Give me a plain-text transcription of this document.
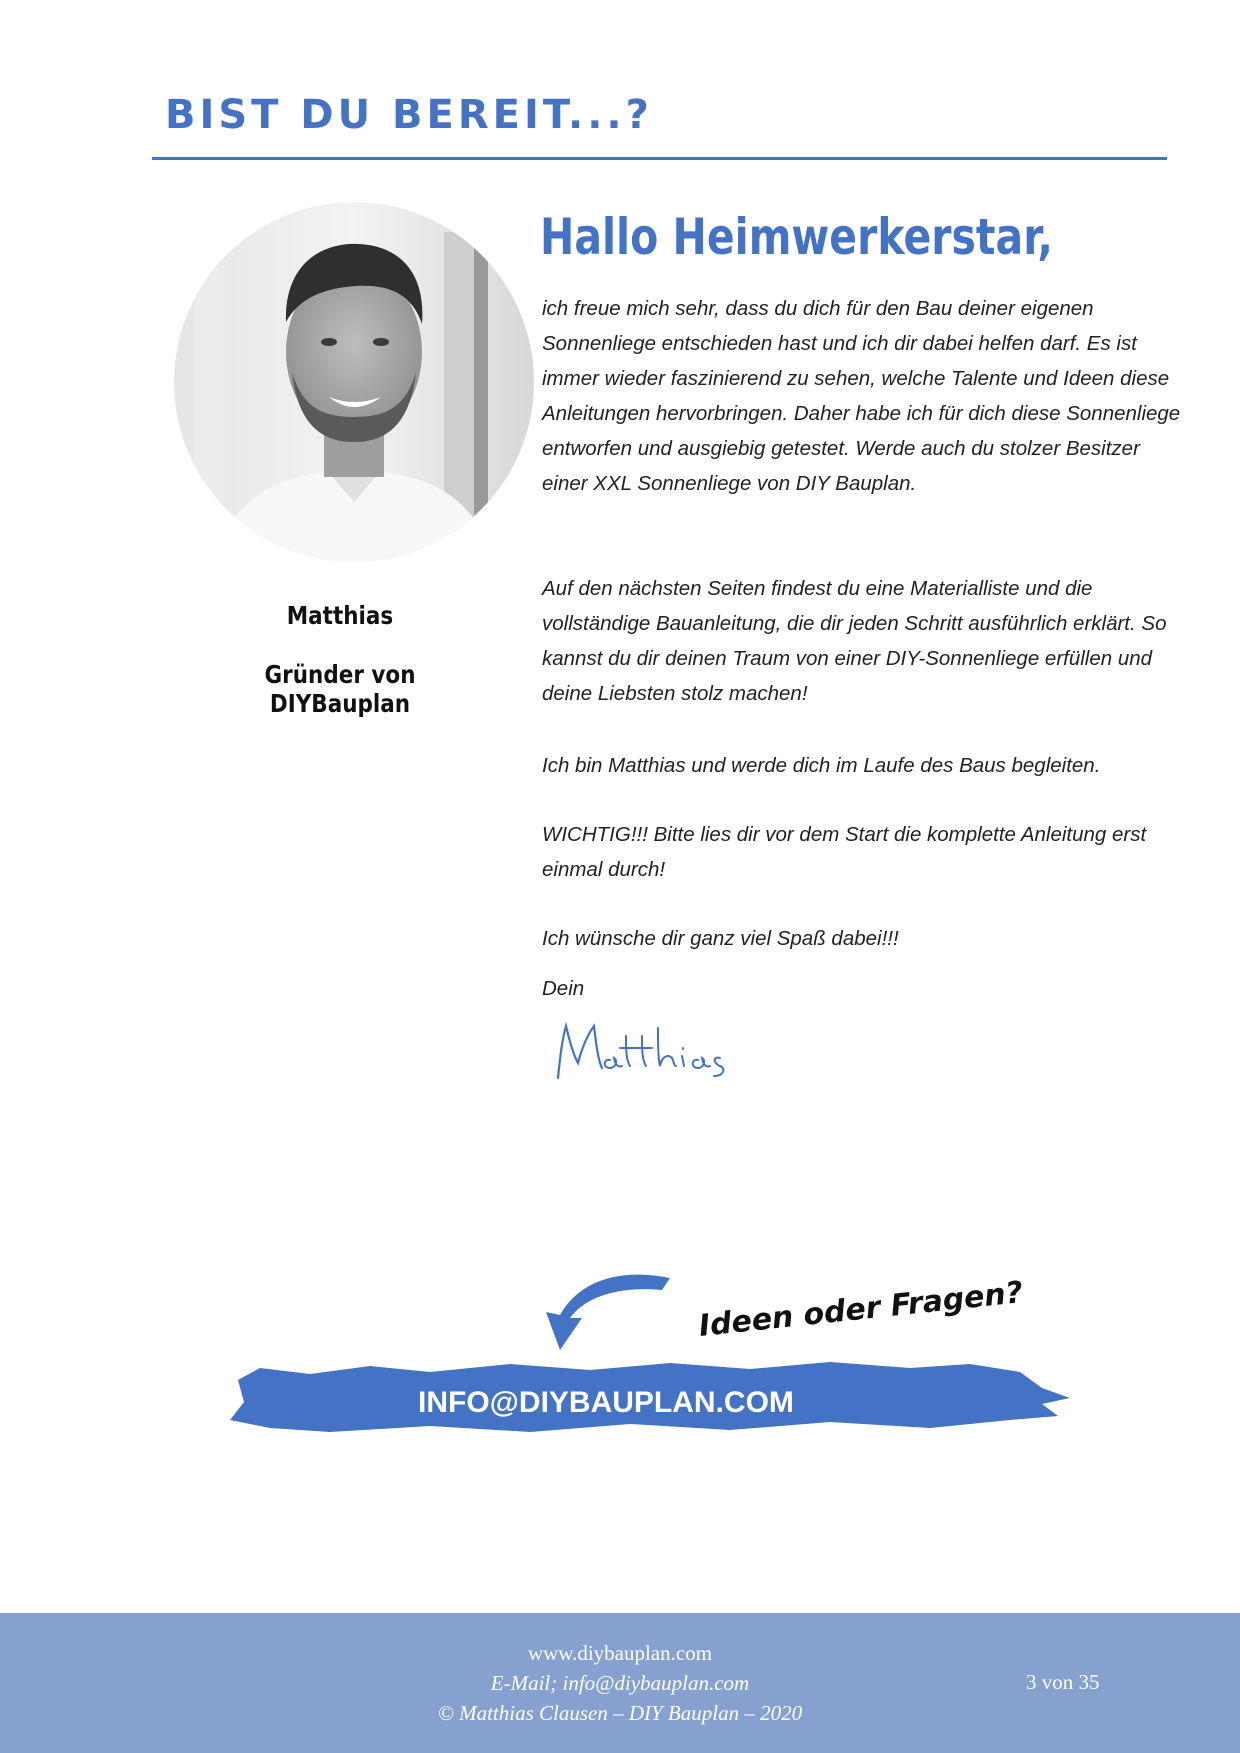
BIST DU BEREIT...?
Matthias
Gründer von DIYBauplan
Hallo Heimwerkerstar,

ich freue mich sehr, dass du dich für den Bau deiner eigenen Sonnenliege entschieden hast und ich dir dabei helfen darf. Es ist immer wieder faszinierend zu sehen, welche Talente und Ideen diese Anleitungen hervorbringen. Daher habe ich für dich diese Sonnenliege entworfen und ausgiebig getestet. Werde auch du stolzer Besitzer einer XXL Sonnenliege von DIY Bauplan.

Auf den nächsten Seiten findest du eine Materialliste und die vollständige Bauanleitung, die dir jeden Schritt ausführlich erklärt. So kannst du dir deinen Traum von einer DIY-Sonnenliege erfüllen und deine Liebsten stolz machen!

Ich bin Matthias und werde dich im Laufe des Baus begleiten.

WICHTIG!!! Bitte lies dir vor dem Start die komplette Anleitung erst einmal durch!

Ich wünsche dir ganz viel Spaß dabei!!!

Dein

Ideen oder Fragen?
INFO@DIYBAUPLAN.COM
www.diybauplan.com
E-Mail; info@diybauplan.com
© Matthias Clausen – DIY Bauplan – 2020
3 von 35
